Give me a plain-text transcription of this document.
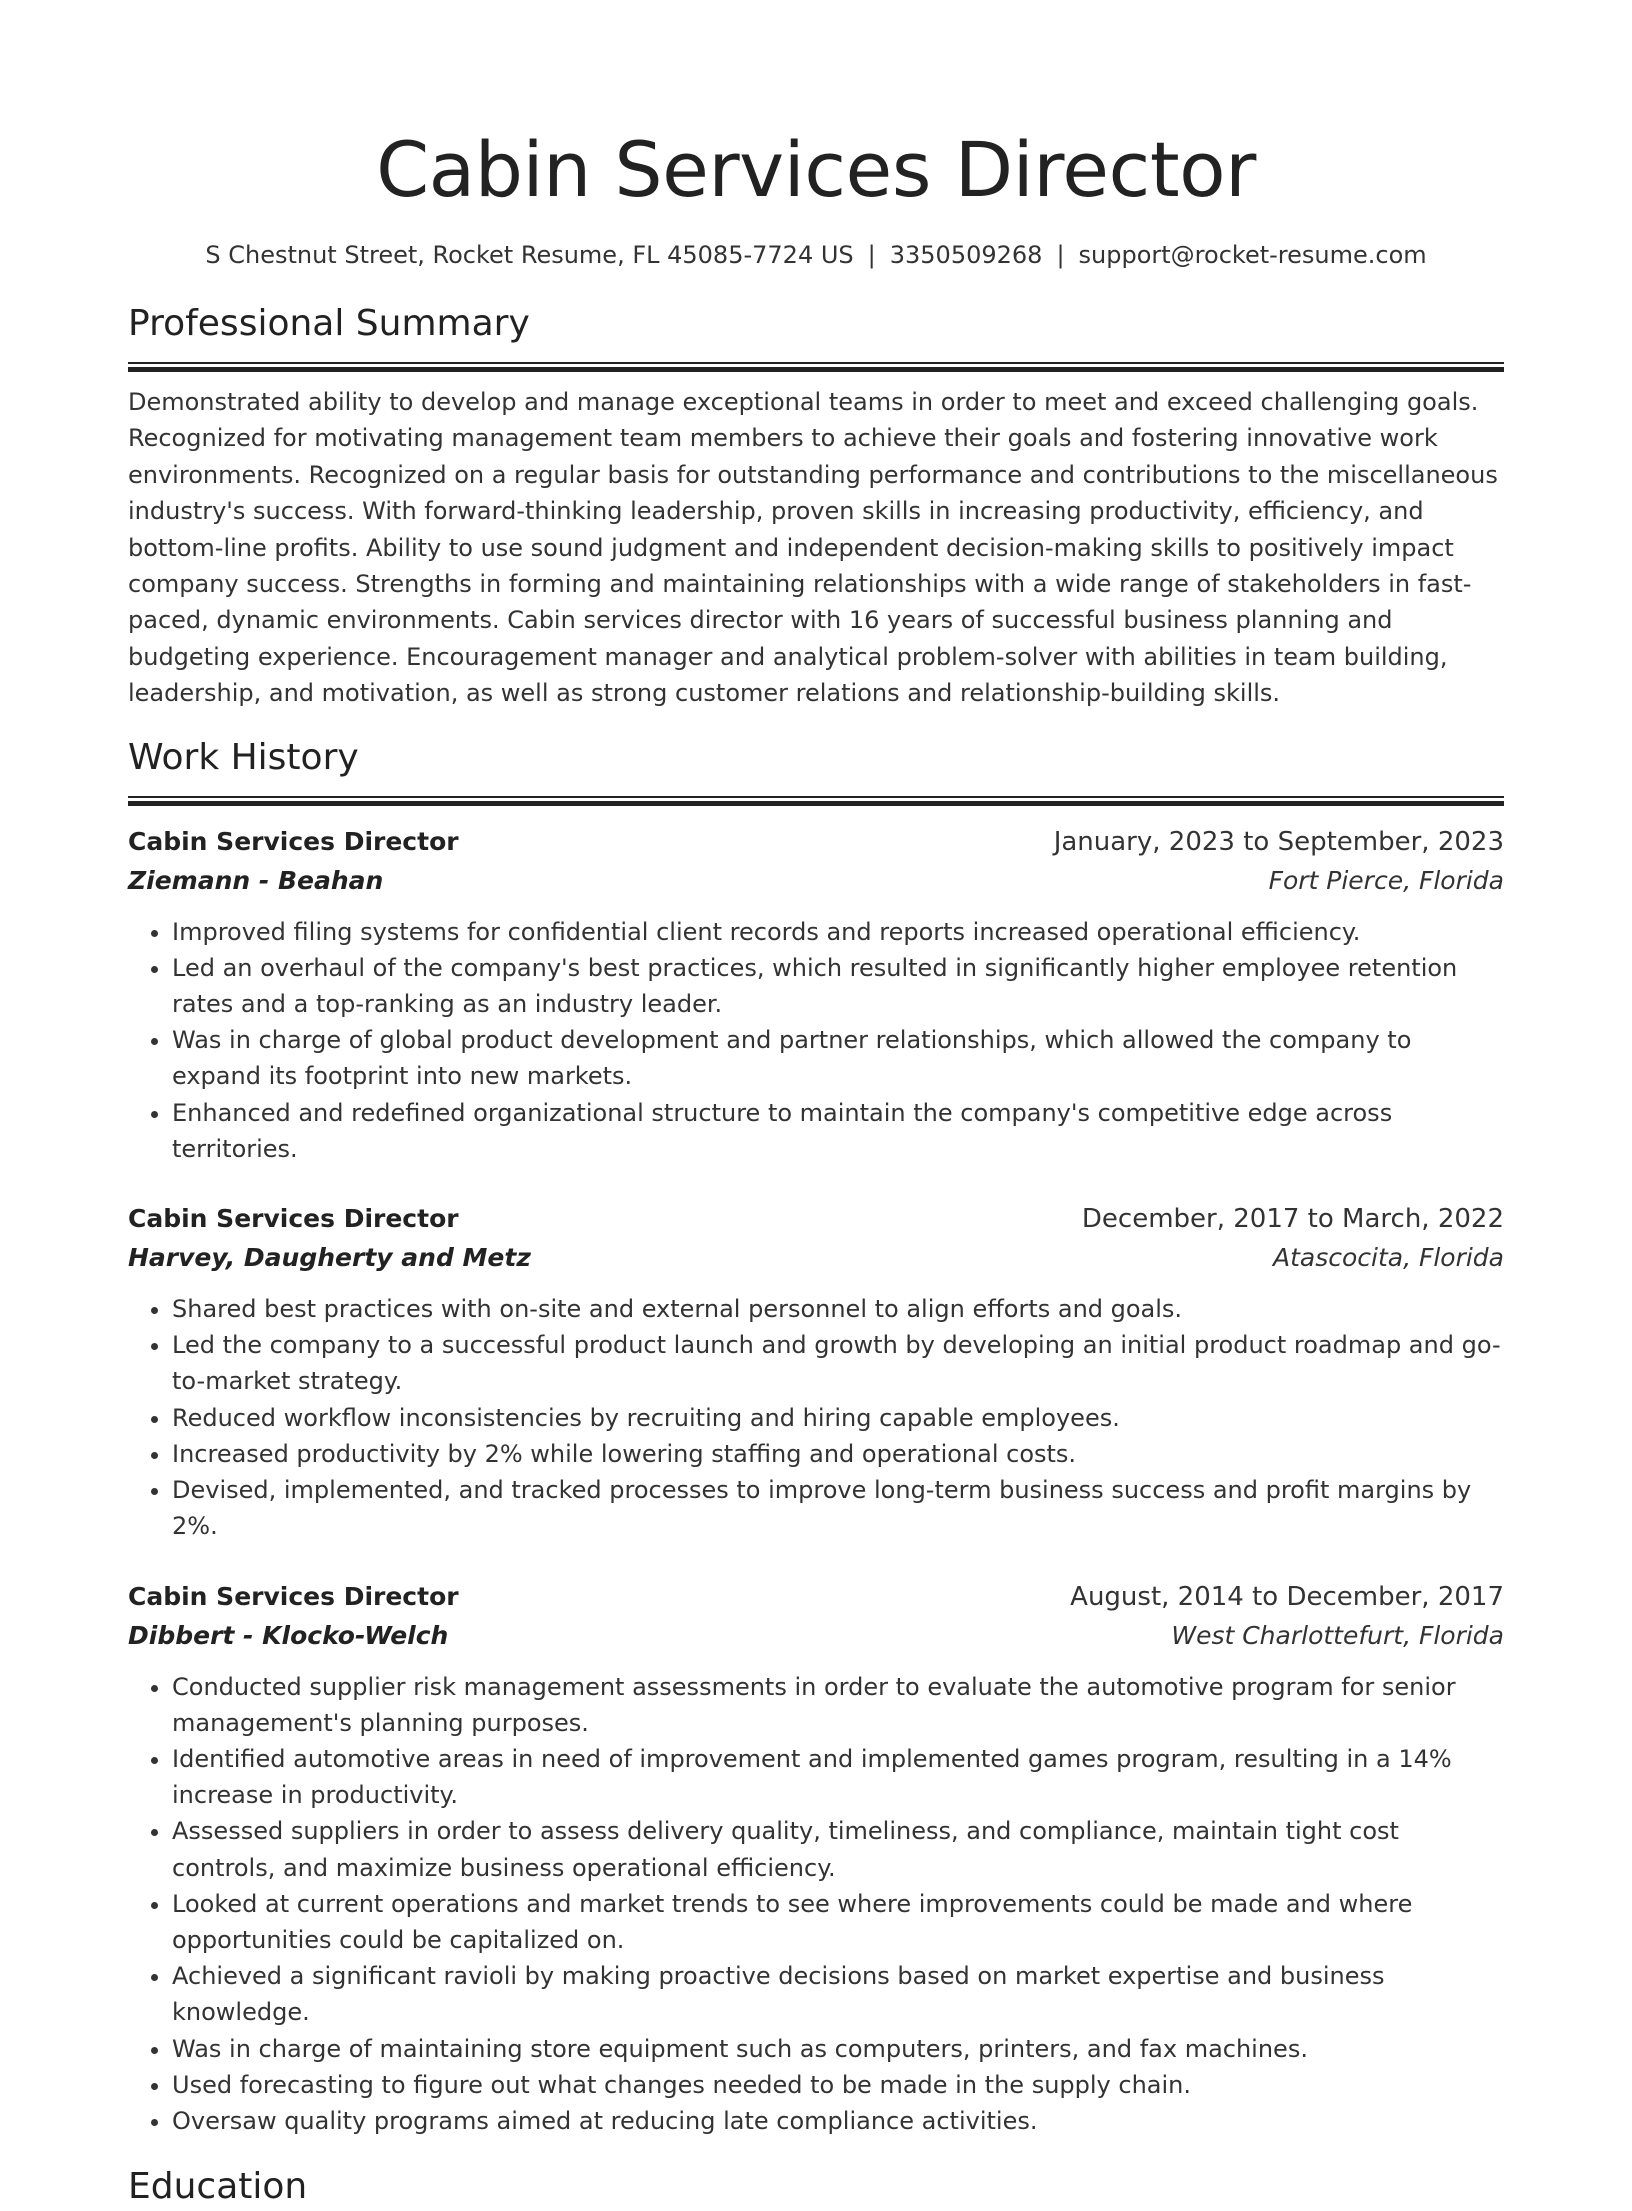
Cabin Services Director
S Chestnut Street, Rocket Resume, FL 45085-7724 US | 3350509268 | support@rocket-resume.com
Professional Summary

Demonstrated ability to develop and manage exceptional teams in order to meet and exceed challenging goals. Recognized for motivating management team members to achieve their goals and fostering innovative work environments. Recognized on a regular basis for outstanding performance and contributions to the miscellaneous industry's success. With forward-thinking leadership, proven skills in increasing productivity, efficiency, and bottom-line profits. Ability to use sound judgment and independent decision-making skills to positively impact company success. Strengths in forming and maintaining relationships with a wide range of stakeholders in fast-paced, dynamic environments. Cabin services director with 16 years of successful business planning and budgeting experience. Encouragement manager and analytical problem-solver with abilities in team building, leadership, and motivation, as well as strong customer relations and relationship-building skills.

Work History
Cabin Services Director	January, 2023 to September, 2023
Ziemann - Beahan	Fort Pierce, Florida
• Improved filing systems for confidential client records and reports increased operational efficiency.
• Led an overhaul of the company's best practices, which resulted in significantly higher employee retention rates and a top-ranking as an industry leader.
• Was in charge of global product development and partner relationships, which allowed the company to expand its footprint into new markets.
• Enhanced and redefined organizational structure to maintain the company's competitive edge across territories.
Cabin Services Director	December, 2017 to March, 2022
Harvey, Daugherty and Metz	Atascocita, Florida
• Shared best practices with on-site and external personnel to align efforts and goals.
• Led the company to a successful product launch and growth by developing an initial product roadmap and go-to-market strategy.
• Reduced workflow inconsistencies by recruiting and hiring capable employees.
• Increased productivity by 2% while lowering staffing and operational costs.
• Devised, implemented, and tracked processes to improve long-term business success and profit margins by 2%.
Cabin Services Director	August, 2014 to December, 2017
Dibbert - Klocko-Welch	West Charlottefurt, Florida
• Conducted supplier risk management assessments in order to evaluate the automotive program for senior management's planning purposes.
• Identified automotive areas in need of improvement and implemented games program, resulting in a 14% increase in productivity.
• Assessed suppliers in order to assess delivery quality, timeliness, and compliance, maintain tight cost controls, and maximize business operational efficiency.
• Looked at current operations and market trends to see where improvements could be made and where opportunities could be capitalized on.
• Achieved a significant ravioli by making proactive decisions based on market expertise and business knowledge.
• Was in charge of maintaining store equipment such as computers, printers, and fax machines.
• Used forecasting to figure out what changes needed to be made in the supply chain.
• Oversaw quality programs aimed at reducing late compliance activities.
Education
